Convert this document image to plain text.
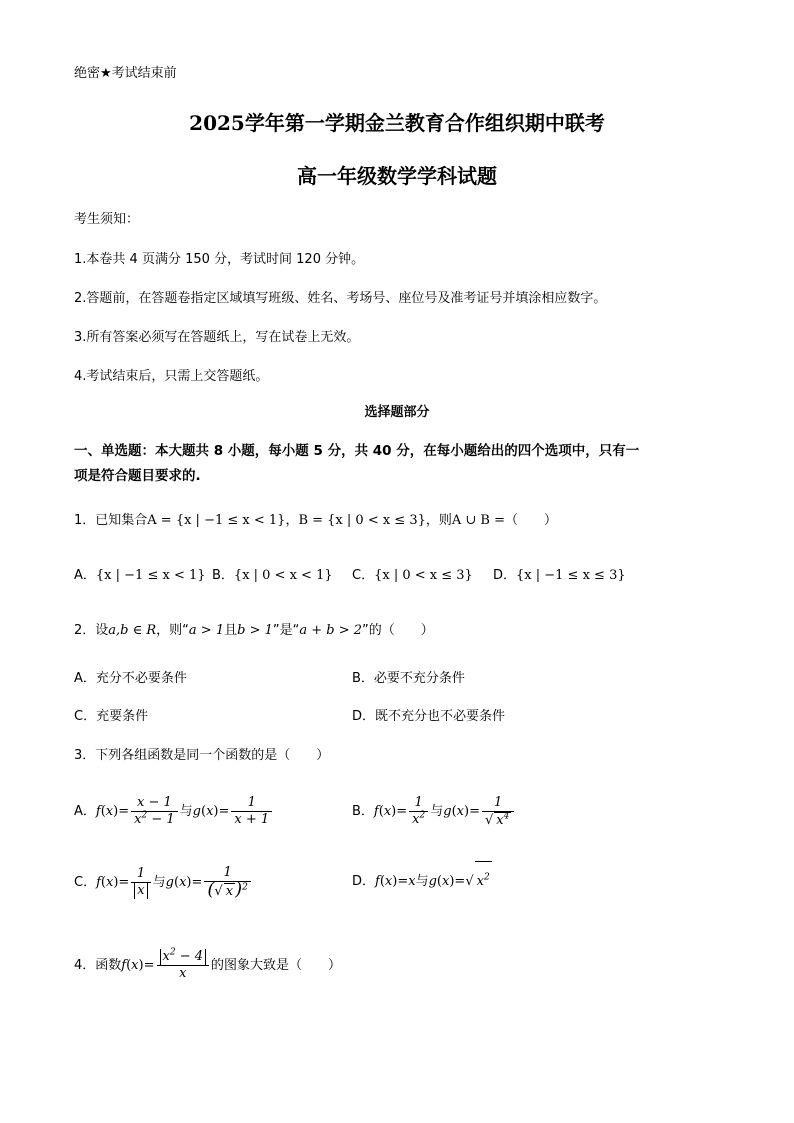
绝密★考试结束前
2025学年第一学期金兰教育合作组织期中联考
高一年级数学学科试题
考生须知：
1.本卷共 4 页满分 150 分，考试时间 120 分钟。
2.答题前，在答题卷指定区域填写班级、姓名、考场号、座位号及准考证号并填涂相应数字。
3.所有答案必须写在答题纸上，写在试卷上无效。
4.考试结束后，只需上交答题纸。
选择题部分
一、单选题：本大题共 8 小题，每小题 5 分，共 40 分，在每小题给出的四个选项中，只有一
项是符合题目要求的.
1．已知集合A = {x | −1 ≤ x < 1}，B = {x | 0 < x ≤ 3}，则A ∪ B =（　　）
A．{x | −1 ≤ x < 1} B．{x | 0 < x < 1} C．{x | 0 < x ≤ 3} D．{x | −1 ≤ x ≤ 3}
2．设a,b ∈ R，则“a > 1且b > 1”是“a + b > 2”的（　　）
A．充分不必要条件	B．必要不充分条件
C．充要条件	D．既不充分也不必要条件
3．下列各组函数是同一个函数的是（　　）
A．$f(x)= \frac{x - 1}{x^2 - 1}$ 与$g(x)= \frac{1}{x + 1}$	B．$f(x)= \frac{1}{x^2}$ 与$g(x)= \frac{1}{√ x^4}$
C．$f(x)= \frac{1}{x}$ 与$g(x)= \frac{1}{(√ x )^2}$	D．f(x)=x与g(x)=√ $x^2$
4．函数$f(x)= \frac{x^2 - 4}{x}$ 的图象大致是（　　）
